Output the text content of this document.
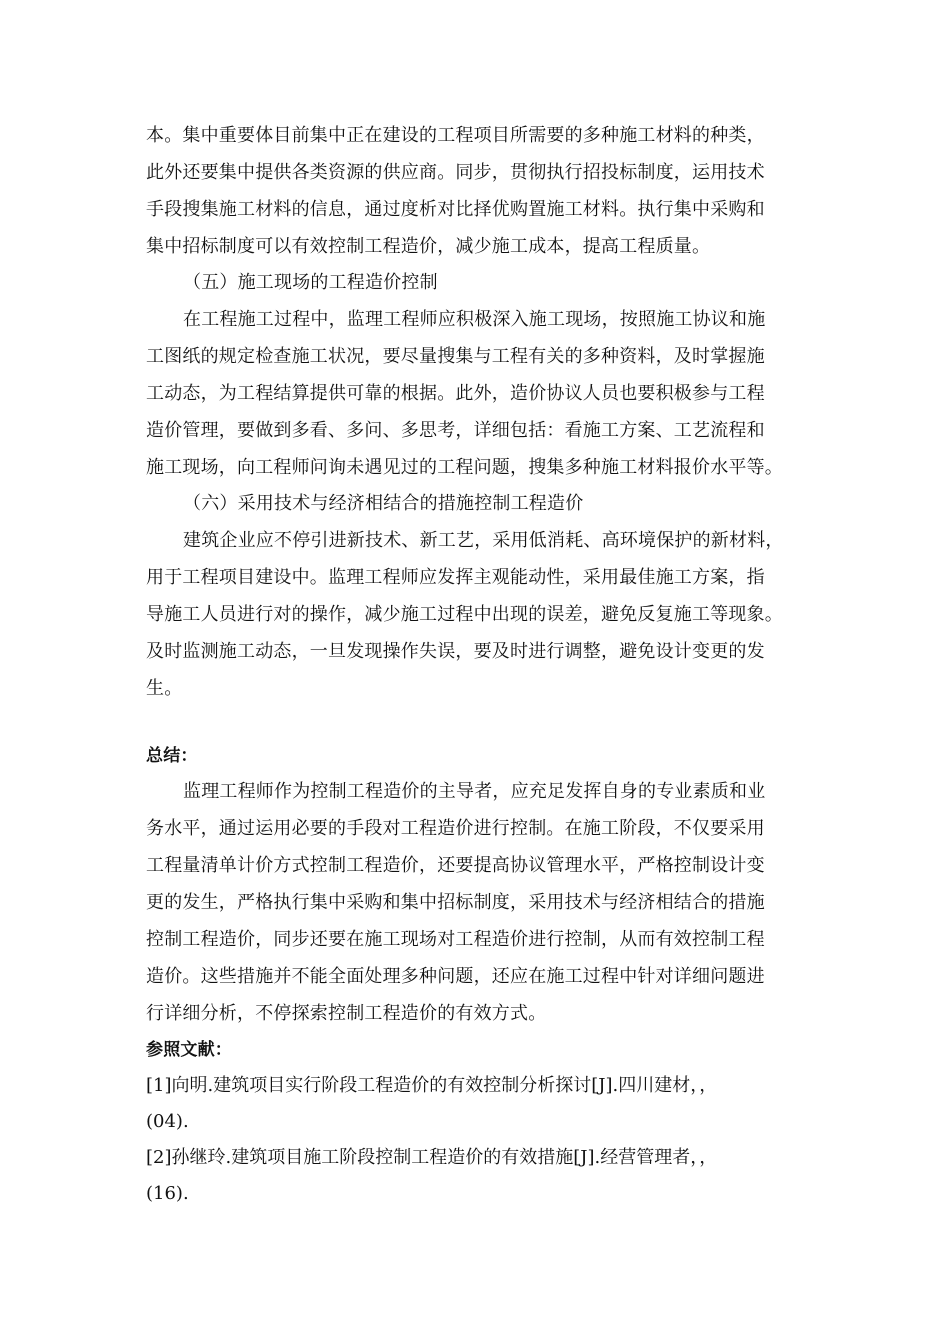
本。集中重要体目前集中正在建设的工程项目所需要的多种施工材料的种类，
此外还要集中提供各类资源的供应商。同步，贯彻执行招投标制度，运用技术
手段搜集施工材料的信息，通过度析对比择优购置施工材料。执行集中采购和
集中招标制度可以有效控制工程造价，减少施工成本，提高工程质量。
（五）施工现场的工程造价控制
在工程施工过程中，监理工程师应积极深入施工现场，按照施工协议和施
工图纸的规定检查施工状况，要尽量搜集与工程有关的多种资料，及时掌握施
工动态，为工程结算提供可靠的根据。此外，造价协议人员也要积极参与工程
造价管理，要做到多看、多问、多思考，详细包括：看施工方案、工艺流程和
施工现场，向工程师问询未遇见过的工程问题，搜集多种施工材料报价水平等。
（六）采用技术与经济相结合的措施控制工程造价
建筑企业应不停引进新技术、新工艺，采用低消耗、高环境保护的新材料，
用于工程项目建设中。监理工程师应发挥主观能动性，采用最佳施工方案，指
导施工人员进行对的操作，减少施工过程中出现的误差，避免反复施工等现象。
及时监测施工动态，一旦发现操作失误，要及时进行调整，避免设计变更的发
生。
总结：
监理工程师作为控制工程造价的主导者，应充足发挥自身的专业素质和业
务水平，通过运用必要的手段对工程造价进行控制。在施工阶段，不仅要采用
工程量清单计价方式控制工程造价，还要提高协议管理水平，严格控制设计变
更的发生，严格执行集中采购和集中招标制度，采用技术与经济相结合的措施
控制工程造价，同步还要在施工现场对工程造价进行控制，从而有效控制工程
造价。这些措施并不能全面处理多种问题，还应在施工过程中针对详细问题进
行详细分析，不停探索控制工程造价的有效方式。
参照文献：
[1]向明.建筑项目实行阶段工程造价的有效控制分析探讨[J].四川建材，，
(04).
[2]孙继玲.建筑项目施工阶段控制工程造价的有效措施[J].经营管理者，，
(16).
